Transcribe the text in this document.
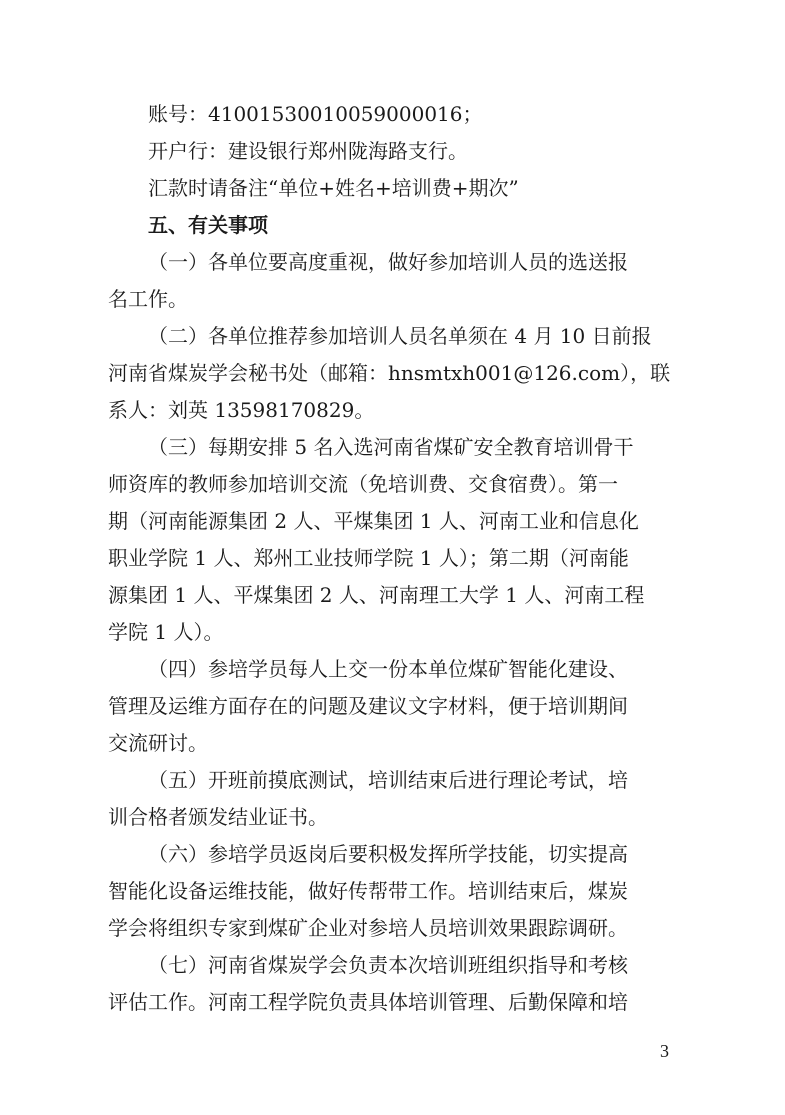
账号：41001530010059000016；

开户行：建设银行郑州陇海路支行。

汇款时请备注“单位+姓名+培训费+期次”

五、有关事项

（一）各单位要高度重视，做好参加培训人员的选送报

名工作。

（二）各单位推荐参加培训人员名单须在 4 月 10 日前报

河南省煤炭学会秘书处（邮箱：hnsmtxh001@126.com），联

系人：刘英 13598170829。

（三）每期安排 5 名入选河南省煤矿安全教育培训骨干

师资库的教师参加培训交流（免培训费、交食宿费）。第一

期（河南能源集团 2 人、平煤集团 1 人、河南工业和信息化

职业学院 1 人、郑州工业技师学院 1 人）；第二期（河南能

源集团 1 人、平煤集团 2 人、河南理工大学 1 人、河南工程

学院 1 人）。

（四）参培学员每人上交一份本单位煤矿智能化建设、

管理及运维方面存在的问题及建议文字材料，便于培训期间

交流研讨。

（五）开班前摸底测试，培训结束后进行理论考试，培

训合格者颁发结业证书。

（六）参培学员返岗后要积极发挥所学技能，切实提高

智能化设备运维技能，做好传帮带工作。培训结束后，煤炭

学会将组织专家到煤矿企业对参培人员培训效果跟踪调研。

（七）河南省煤炭学会负责本次培训班组织指导和考核

评估工作。河南工程学院负责具体培训管理、后勤保障和培

3
